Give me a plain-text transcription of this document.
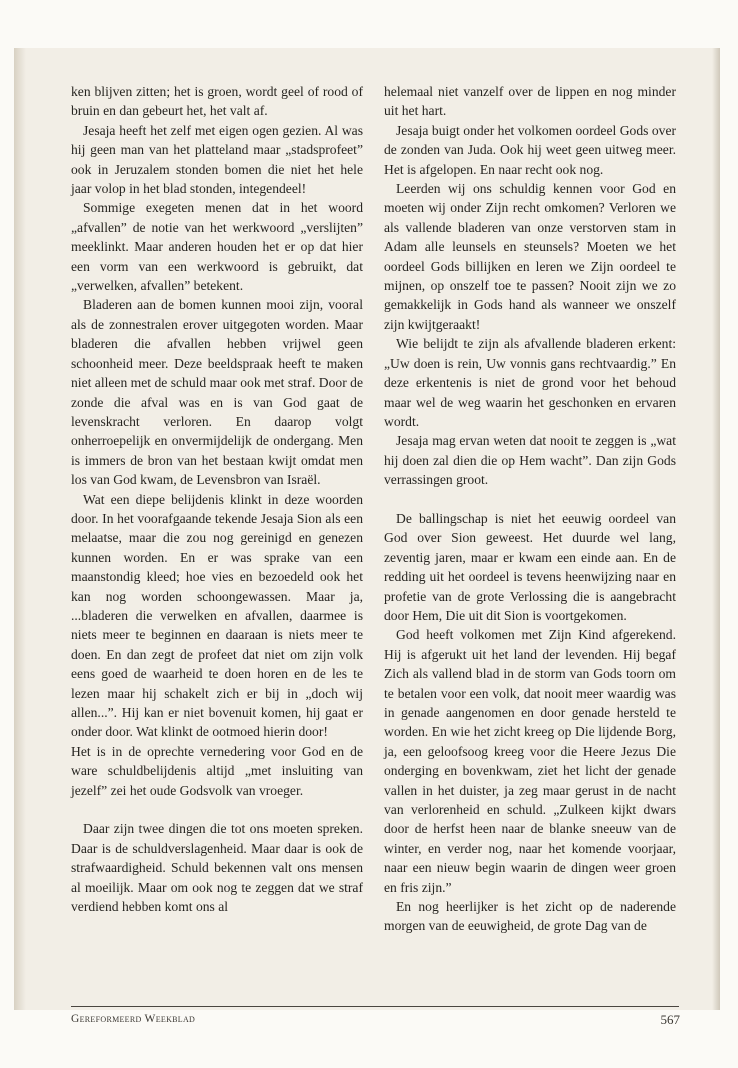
ken blijven zitten; het is groen, wordt geel of rood of bruin en dan gebeurt het, het valt af.

Jesaja heeft het zelf met eigen ogen gezien. Al was hij geen man van het platteland maar „stadsprofeet” ook in Jeruzalem stonden bomen die niet het hele jaar volop in het blad stonden, integendeel!

Sommige exegeten menen dat in het woord „afvallen” de notie van het werkwoord „verslijten” meeklinkt. Maar anderen houden het er op dat hier een vorm van een werkwoord is gebruikt, dat „verwelken, afvallen” betekent.

Bladeren aan de bomen kunnen mooi zijn, vooral als de zonnestralen erover uitgegoten worden. Maar bladeren die afvallen hebben vrijwel geen schoonheid meer. Deze beeldspraak heeft te maken niet alleen met de schuld maar ook met straf. Door de zonde die afval was en is van God gaat de levenskracht verloren. En daarop volgt onherroepelijk en onvermijdelijk de ondergang. Men is immers de bron van het bestaan kwijt omdat men los van God kwam, de Levensbron van Israël.

Wat een diepe belijdenis klinkt in deze woorden door. In het voorafgaande tekende Jesaja Sion als een melaatse, maar die zou nog gereinigd en genezen kunnen worden. En er was sprake van een maanstondig kleed; hoe vies en bezoedeld ook het kan nog worden schoongewassen. Maar ja, ...bladeren die verwelken en afvallen, daarmee is niets meer te beginnen en daaraan is niets meer te doen. En dan zegt de profeet dat niet om zijn volk eens goed de waarheid te doen horen en de les te lezen maar hij schakelt zich er bij in „doch wij allen...”. Hij kan er niet bovenuit komen, hij gaat er onder door. Wat klinkt de ootmoed hierin door!

Het is in de oprechte vernedering voor God en de ware schuldbelijdenis altijd „met insluiting van jezelf” zei het oude Godsvolk van vroeger.

Daar zijn twee dingen die tot ons moeten spreken. Daar is de schuldverslagenheid. Maar daar is ook de strafwaardigheid. Schuld bekennen valt ons mensen al moeilijk. Maar om ook nog te zeggen dat we straf verdiend hebben komt ons al

helemaal niet vanzelf over de lippen en nog minder uit het hart.

Jesaja buigt onder het volkomen oordeel Gods over de zonden van Juda. Ook hij weet geen uitweg meer. Het is afgelopen. En naar recht ook nog.

Leerden wij ons schuldig kennen voor God en moeten wij onder Zijn recht omkomen? Verloren we als vallende bladeren van onze verstorven stam in Adam alle leunsels en steunsels? Moeten we het oordeel Gods billijken en leren we Zijn oordeel te mijnen, op onszelf toe te passen? Nooit zijn we zo gemakkelijk in Gods hand als wanneer we onszelf zijn kwijtgeraakt!

Wie belijdt te zijn als afvallende bladeren erkent: „Uw doen is rein, Uw vonnis gans rechtvaardig.” En deze erkentenis is niet de grond voor het behoud maar wel de weg waarin het geschonken en ervaren wordt.

Jesaja mag ervan weten dat nooit te zeggen is „wat hij doen zal dien die op Hem wacht”. Dan zijn Gods verrassingen groot.

De ballingschap is niet het eeuwig oordeel van God over Sion geweest. Het duurde wel lang, zeventig jaren, maar er kwam een einde aan. En de redding uit het oordeel is tevens heenwijzing naar en profetie van de grote Verlossing die is aangebracht door Hem, Die uit dit Sion is voortgekomen.

God heeft volkomen met Zijn Kind afgerekend. Hij is afgerukt uit het land der levenden. Hij begaf Zich als vallend blad in de storm van Gods toorn om te betalen voor een volk, dat nooit meer waardig was in genade aangenomen en door genade hersteld te worden. En wie het zicht kreeg op Die lijdende Borg, ja, een geloofsoog kreeg voor die Heere Jezus Die onderging en bovenkwam, ziet het licht der genade vallen in het duister, ja zeg maar gerust in de nacht van verlorenheid en schuld. „Zulkeen kijkt dwars door de herfst heen naar de blanke sneeuw van de winter, en verder nog, naar het komende voorjaar, naar een nieuw begin waarin de dingen weer groen en fris zijn.”

En nog heerlijker is het zicht op de naderende morgen van de eeuwigheid, de grote Dag van de

Gereformeerd Weekblad	567
